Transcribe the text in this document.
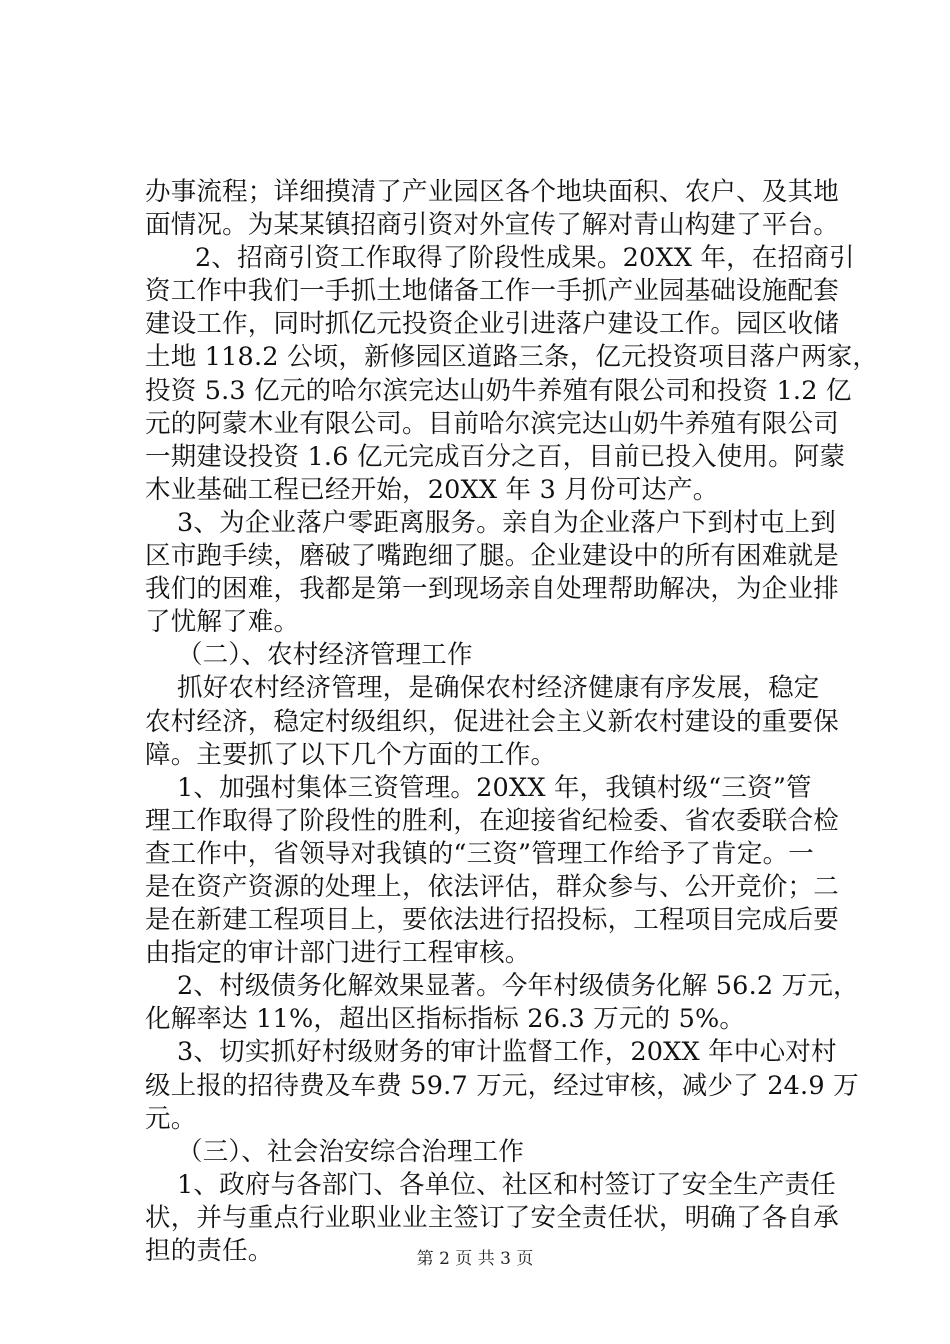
办事流程；详细摸清了产业园区各个地块面积、农户、及其地
面情况。为某某镇招商引资对外宣传了解对青山构建了平台。
2、招商引资工作取得了阶段性成果。20XX 年，在招商引
资工作中我们一手抓土地储备工作一手抓产业园基础设施配套
建设工作，同时抓亿元投资企业引进落户建设工作。园区收储
土地 118.2 公顷，新修园区道路三条，亿元投资项目落户两家，
投资 5.3 亿元的哈尔滨完达山奶牛养殖有限公司和投资 1.2 亿
元的阿蒙木业有限公司。目前哈尔滨完达山奶牛养殖有限公司
一期建设投资 1.6 亿元完成百分之百，目前已投入使用。阿蒙
木业基础工程已经开始，20XX 年 3 月份可达产。
3、为企业落户零距离服务。亲自为企业落户下到村屯上到
区市跑手续，磨破了嘴跑细了腿。企业建设中的所有困难就是
我们的困难，我都是第一到现场亲自处理帮助解决，为企业排
了忧解了难。
（二）、农村经济管理工作
抓好农村经济管理，是确保农村经济健康有序发展，稳定
农村经济，稳定村级组织，促进社会主义新农村建设的重要保
障。主要抓了以下几个方面的工作。
1、加强村集体三资管理。20XX 年，我镇村级“三资”管
理工作取得了阶段性的胜利，在迎接省纪检委、省农委联合检
查工作中，省领导对我镇的“三资”管理工作给予了肯定。一
是在资产资源的处理上，依法评估，群众参与、公开竞价；二
是在新建工程项目上，要依法进行招投标，工程项目完成后要
由指定的审计部门进行工程审核。
2、村级债务化解效果显著。今年村级债务化解 56.2 万元，
化解率达 11%，超出区指标指标 26.3 万元的 5%。
3、切实抓好村级财务的审计监督工作，20XX 年中心对村
级上报的招待费及车费 59.7 万元，经过审核，减少了 24.9 万
元。
（三）、社会治安综合治理工作
1、政府与各部门、各单位、社区和村签订了安全生产责任
状，并与重点行业职业业主签订了安全责任状，明确了各自承
担的责任。	第 2 页 共 3 页
